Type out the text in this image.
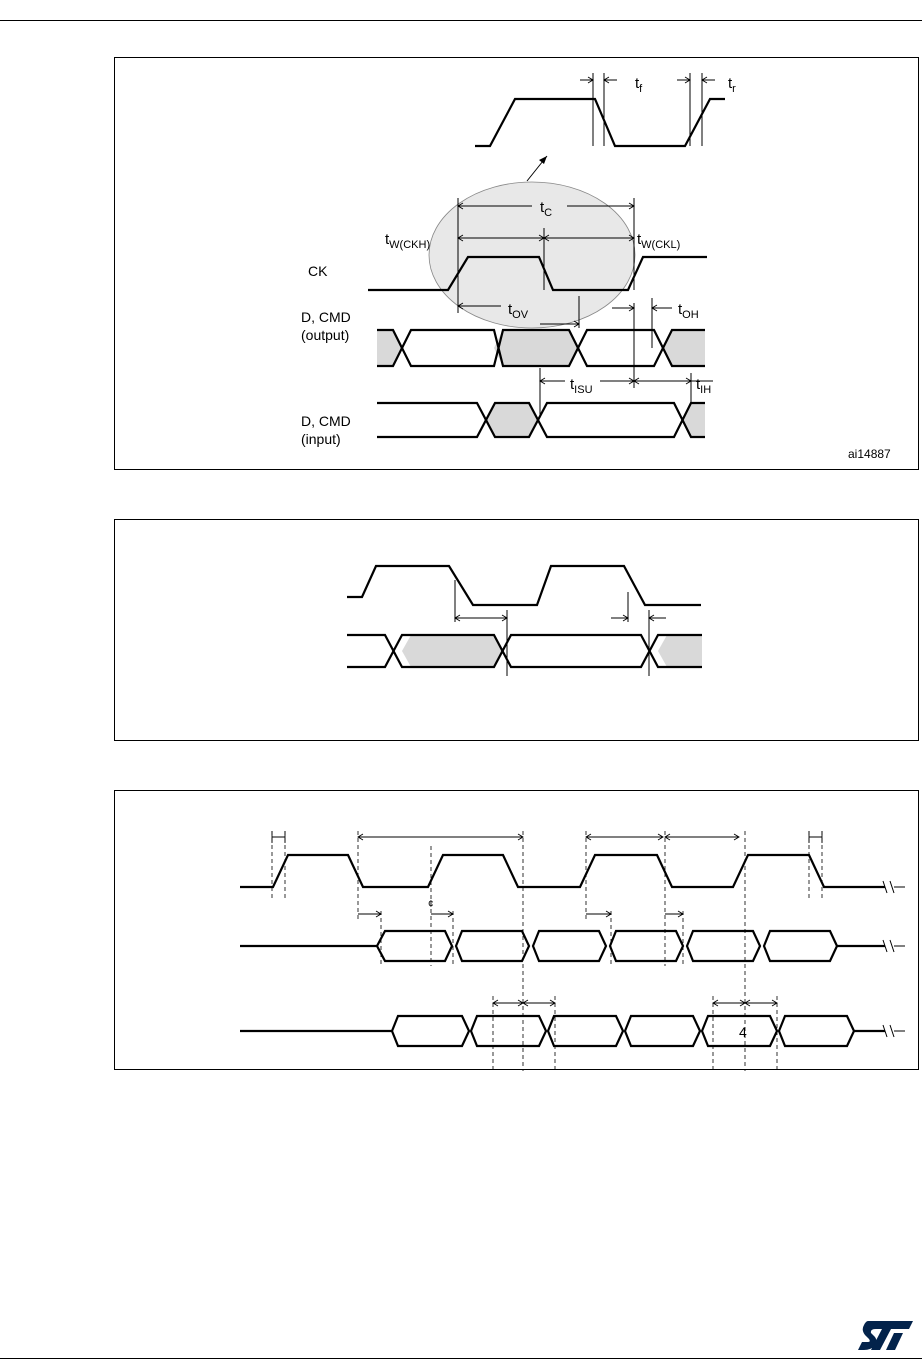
$t_f$	$t_r$
$t_C$
$t_{W(CKH)}$	$t_{W(CKL)}$
CK
$t_{OV}$	$t_{OH}$
D, CMD
(output)
$t_{ISU}$	$t_{IH}$
D, CMD
(input)
ai14887
¢
4
